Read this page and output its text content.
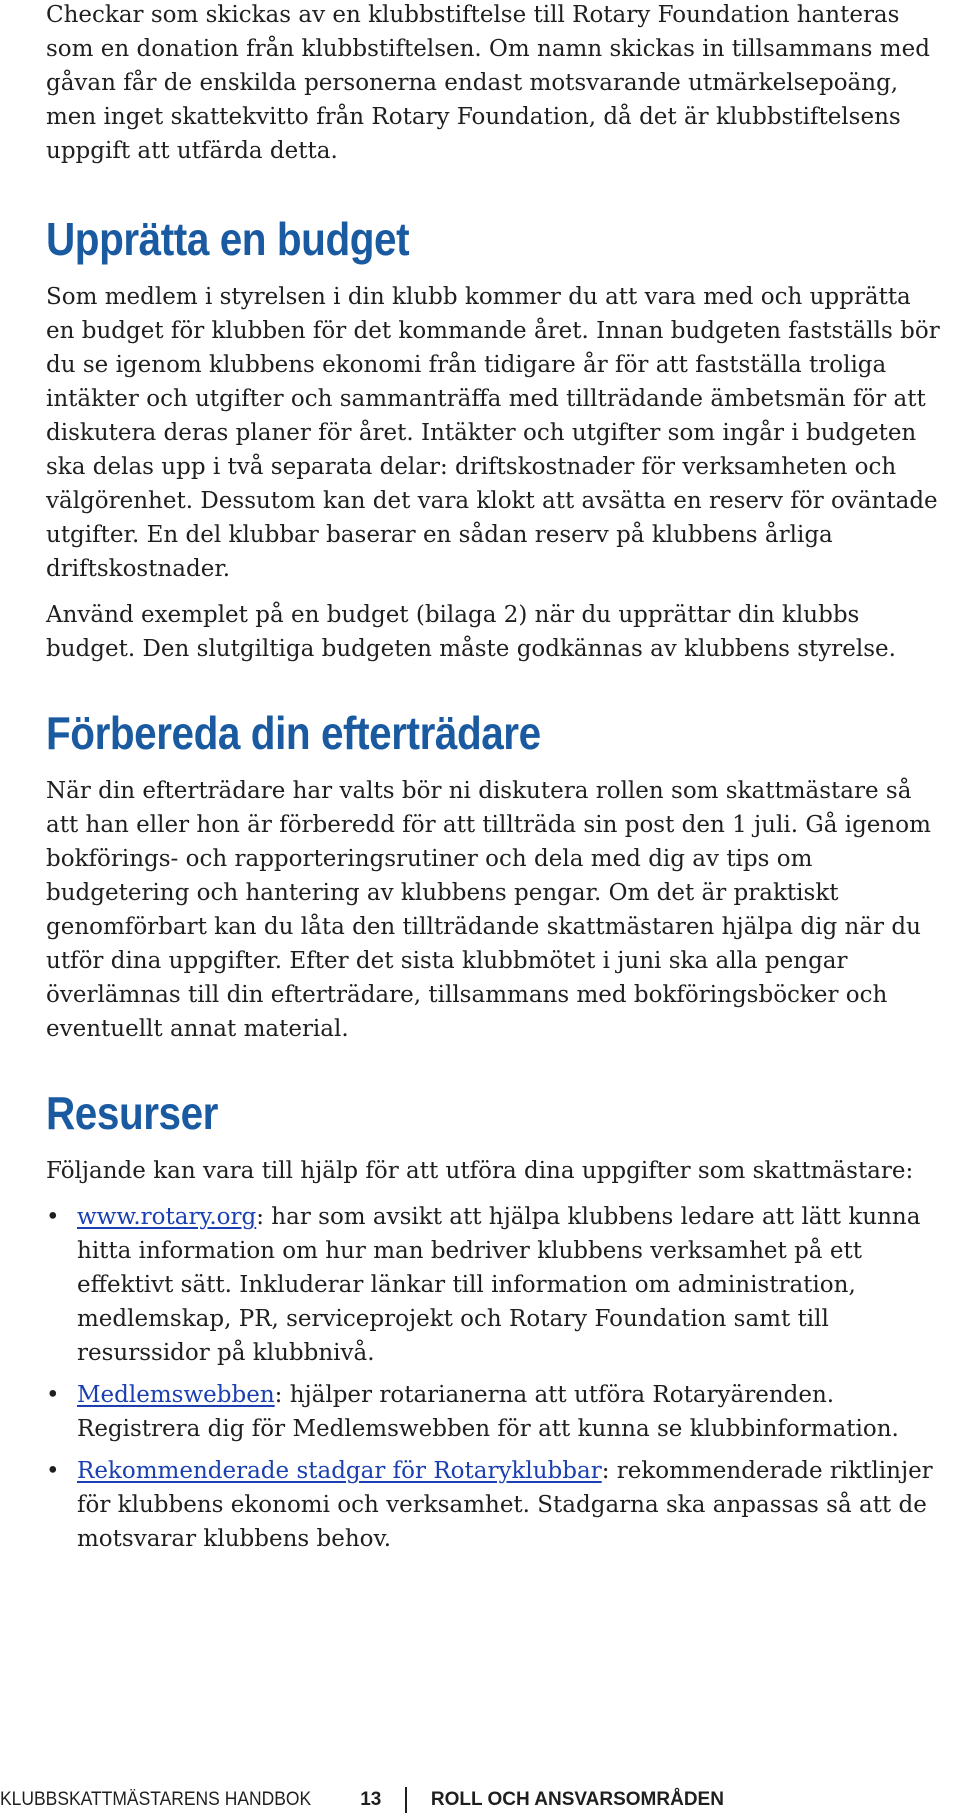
Checkar som skickas av en klubbstiftelse till Rotary Foundation hanteras som en donation från klubbstiftelsen. Om namn skickas in tillsammans med gåvan får de enskilda personerna endast motsvarande utmärkelsepoäng, men inget skattekvitto från Rotary Foundation, då det är klubbstiftelsens uppgift att utfärda detta.

Upprätta en budget

Som medlem i styrelsen i din klubb kommer du att vara med och upprätta en budget för klubben för det kommande året. Innan budgeten fastställs bör du se igenom klubbens ekonomi från tidigare år för att fastställa troliga intäkter och utgifter och sammanträffa med tillträdande ämbetsmän för att diskutera deras planer för året. Intäkter och utgifter som ingår i budgeten ska delas upp i två separata delar: driftskostnader för verksamheten och välgörenhet. Dessutom kan det vara klokt att avsätta en reserv för oväntade utgifter. En del klubbar baserar en sådan reserv på klubbens årliga driftskostnader.

Använd exemplet på en budget (bilaga 2) när du upprättar din klubbs budget. Den slutgiltiga budgeten måste godkännas av klubbens styrelse.

Förbereda din efterträdare

När din efterträdare har valts bör ni diskutera rollen som skattmästare så att han eller hon är förberedd för att tillträda sin post den 1 juli. Gå igenom bokförings- och rapporteringsrutiner och dela med dig av tips om budgetering och hantering av klubbens pengar. Om det är praktiskt genomförbart kan du låta den tillträdande skattmästaren hjälpa dig när du utför dina uppgifter. Efter det sista klubbmötet i juni ska alla pengar överlämnas till din efterträdare, tillsammans med bokföringsböcker och eventuellt annat material.

Resurser

Följande kan vara till hjälp för att utföra dina uppgifter som skattmästare:

• www.rotary.org: har som avsikt att hjälpa klubbens ledare att lätt kunna hitta information om hur man bedriver klubbens verksamhet på ett effektivt sätt. Inkluderar länkar till information om administration, medlemskap, PR, serviceprojekt och Rotary Foundation samt till resurssidor på klubbnivå.
• Medlemswebben: hjälper rotarianerna att utföra Rotaryärenden. Registrera dig för Medlemswebben för att kunna se klubbinformation.
• Rekommenderade stadgar för Rotaryklubbar: rekommenderade riktlinjer för klubbens ekonomi och verksamhet. Stadgarna ska anpassas så att de motsvarar klubbens behov.
KLUBBSKATTMÄSTARENS HANDBOK	13	ROLL OCH ANSVARSOMRÅDEN
